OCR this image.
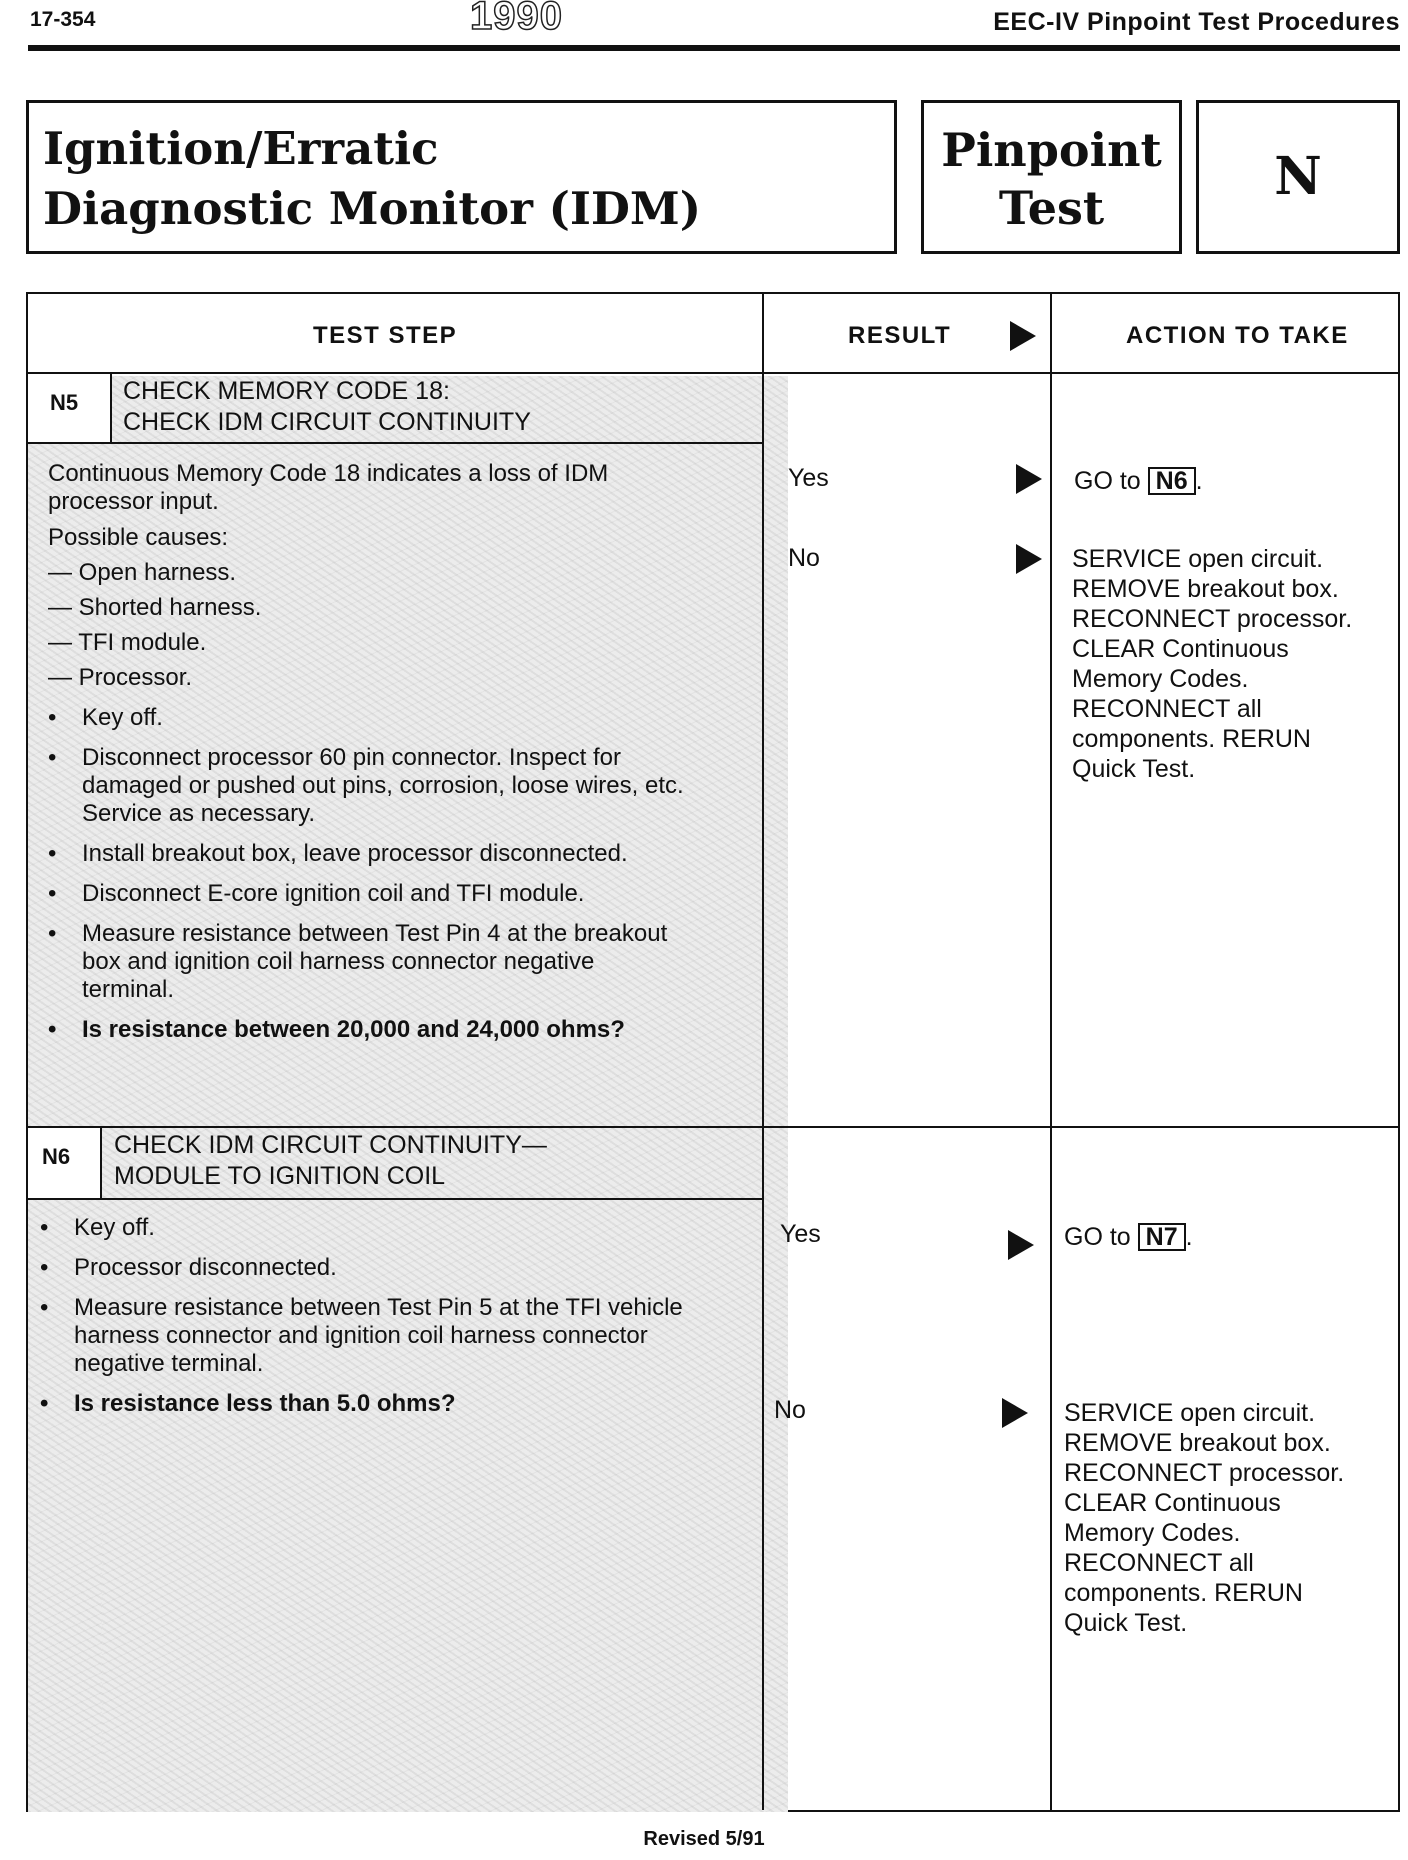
17-354	1990	EEC-IV Pinpoint Test Procedures
Ignition/Erratic
Diagnostic Monitor (IDM)
Pinpoint
Test
N
TEST STEP	RESULT	ACTION TO TAKE
N5 CHECK MEMORY CODE 18:
CHECK IDM CIRCUIT CONTINUITY

Continuous Memory Code 18 indicates a loss of IDM
processor input.

Possible causes:
— Open harness.
— Shorted harness.
— TFI module.
— Processor.
• Key off.
• Disconnect processor 60 pin connector. Inspect for damaged or pushed out pins, corrosion, loose wires, etc. Service as necessary.
• Install breakout box, leave processor disconnected.
• Disconnect E-core ignition coil and TFI module.
• Measure resistance between Test Pin 4 at the breakout box and ignition coil harness connector negative terminal.
• Is resistance between 20,000 and 24,000 ohms?
Yes	GO to N6 .
No	SERVICE open circuit.
REMOVE breakout box.
RECONNECT processor.
CLEAR Continuous
Memory Codes.
RECONNECT all
components. RERUN
Quick Test.
N6 CHECK IDM CIRCUIT CONTINUITY—
MODULE TO IGNITION COIL
• Key off.
• Processor disconnected.
• Measure resistance between Test Pin 5 at the TFI vehicle harness connector and ignition coil harness connector negative terminal.
• Is resistance less than 5.0 ohms?
Yes	GO to N7 .
No	SERVICE open circuit.
REMOVE breakout box.
RECONNECT processor.
CLEAR Continuous
Memory Codes.
RECONNECT all
components. RERUN
Quick Test.
Revised 5/91
